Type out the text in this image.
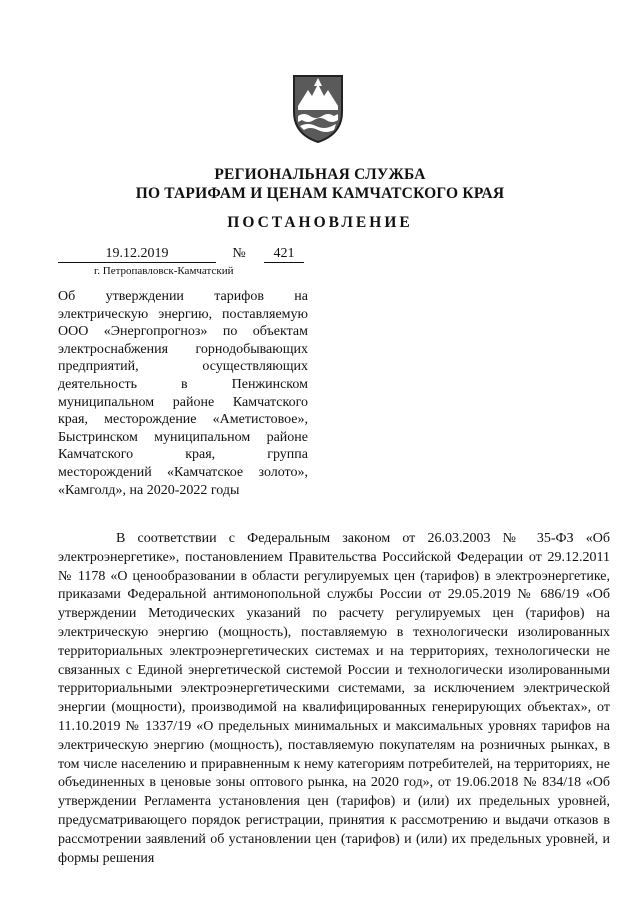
РЕГИОНАЛЬНАЯ СЛУЖБА
ПО ТАРИФАМ И ЦЕНАМ КАМЧАТСКОГО КРАЯ
ПОСТАНОВЛЕНИЕ
19.12.2019	№	421
г. Петропавловск-Камчатский
Об утверждении тарифов на электрическую энергию, поставляемую ООО «Энергопрогноз» по объектам электроснабжения горнодобывающих предприятий, осуществляющих деятельность в Пенжинском муниципальном районе Камчатского края, месторождение «Аметистовое», Быстринском муниципальном районе Камчатского края, группа месторождений «Камчатское золото», «Камголд», на 2020-2022 годы
В соответствии с Федеральным законом от 26.03.2003 № 35-ФЗ «Об электроэнергетике», постановлением Правительства Российской Федерации от 29.12.2011 № 1178 «О ценообразовании в области регулируемых цен (тарифов) в электроэнергетике, приказами Федеральной антимонопольной службы России от 29.05.2019 № 686/19 «Об утверждении Методических указаний по расчету регулируемых цен (тарифов) на электрическую энергию (мощность), поставляемую в технологически изолированных территориальных электроэнергетических системах и на территориях, технологически не связанных с Единой энергетической системой России и технологически изолированными территориальными электроэнергетическими системами, за исключением электрической энергии (мощности), производимой на квалифицированных генерирующих объектах», от 11.10.2019 № 1337/19 «О предельных минимальных и максимальных уровнях тарифов на электрическую энергию (мощность), поставляемую покупателям на розничных рынках, в том числе населению и приравненным к нему категориям потребителей, на территориях, не объединенных в ценовые зоны оптового рынка, на 2020 год», от 19.06.2018 № 834/18 «Об утверждении Регламента установления цен (тарифов) и (или) их предельных уровней, предусматривающего порядок регистрации, принятия к рассмотрению и выдачи отказов в рассмотрении заявлений об установлении цен (тарифов) и (или) их предельных уровней, и формы решения
